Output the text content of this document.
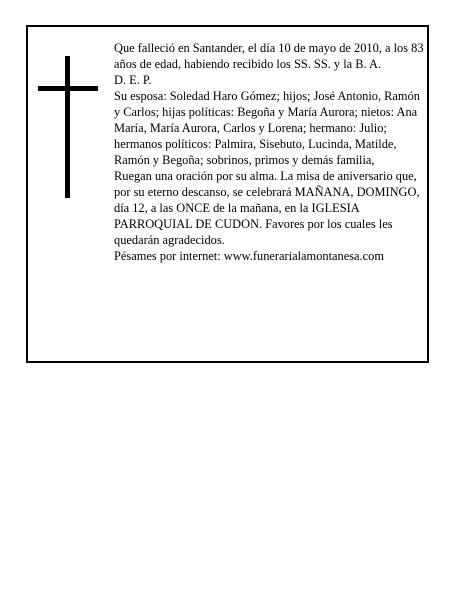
Que falleció en Santander, el día 10 de mayo de 2010, a los 83 años de edad, habiendo recibido los SS. SS. y la B. A.

D. E. P.

Su esposa: Soledad Haro Gómez; hijos; José Antonio, Ramón y Carlos; hijas políticas: Begoña y María Aurora; nietos: Ana María, María Aurora, Carlos y Lorena; hermano: Julio; hermanos políticos: Palmira, Sisebuto, Lucinda, Matilde, Ramón y Begoña; sobrinos, primos y demás familia,

Ruegan una oración por su alma. La misa de aniversario que, por su eterno descanso, se celebrará MAÑANA, DOMINGO, día 12, a las ONCE de la mañana, en la IGLESIA PARROQUIAL DE CUDON. Favores por los cuales les quedarán agradecidos.

Pésames por internet: www.funerarialamontanesa.com
